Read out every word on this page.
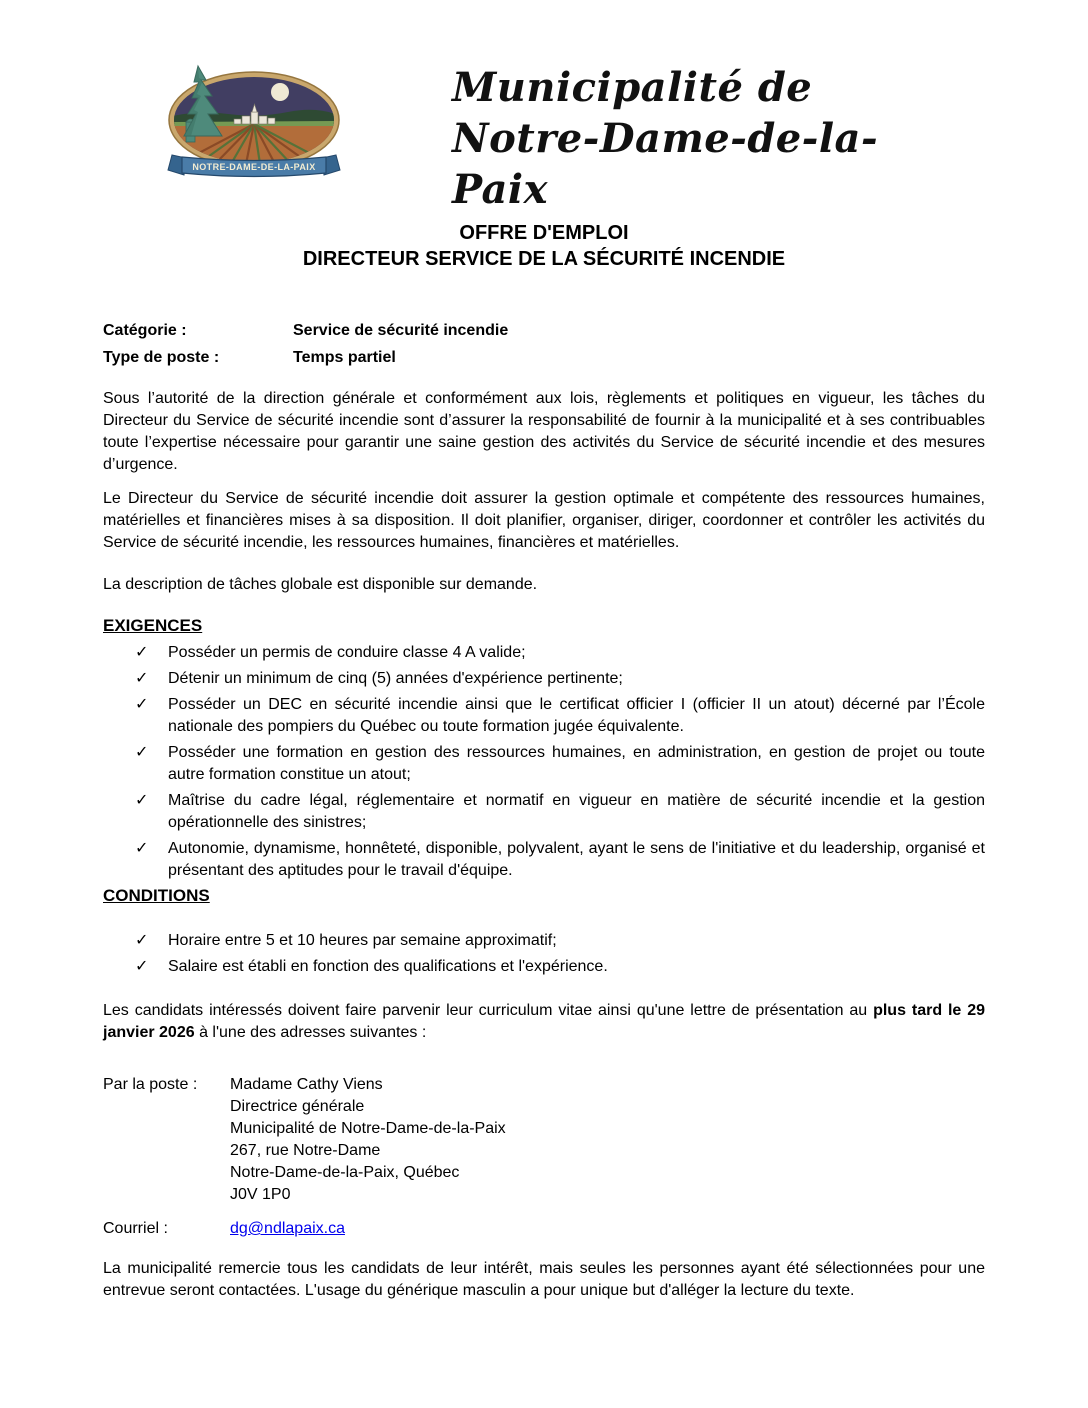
NOTRE-DAME-DE-LA-PAIX
Municipalité de
Notre-Dame-de-la-Paix
OFFRE D'EMPLOI
DIRECTEUR SERVICE DE LA SÉCURITÉ INCENDIE
Catégorie :	Service de sécurité incendie
Type de poste :	Temps partiel
Sous l’autorité de la direction générale et conformément aux lois, règlements et politiques en vigueur, les tâches du Directeur du Service de sécurité incendie sont d’assurer la responsabilité de fournir à la municipalité et à ses contribuables toute l’expertise nécessaire pour garantir une saine gestion des activités du Service de sécurité incendie et des mesures d’urgence.
Le Directeur du Service de sécurité incendie doit assurer la gestion optimale et compétente des ressources humaines, matérielles et financières mises à sa disposition. Il doit planifier, organiser, diriger, coordonner et contrôler les activités du Service de sécurité incendie, les ressources humaines, financières et matérielles.
La description de tâches globale est disponible sur demande.
EXIGENCES
✓	Posséder un permis de conduire classe 4 A valide;
✓	Détenir un minimum de cinq (5) années d'expérience pertinente;
✓	Posséder un DEC en sécurité incendie ainsi que le certificat officier I (officier II un atout) décerné par l’École nationale des pompiers du Québec ou toute formation jugée équivalente.
✓	Posséder une formation en gestion des ressources humaines, en administration, en gestion de projet ou toute autre formation constitue un atout;
✓	Maîtrise du cadre légal, réglementaire et normatif en vigueur en matière de sécurité incendie et la gestion opérationnelle des sinistres;
✓	Autonomie, dynamisme, honnêteté, disponible, polyvalent, ayant le sens de l'initiative et du leadership, organisé et présentant des aptitudes pour le travail d'équipe.
CONDITIONS
✓	Horaire entre 5 et 10 heures par semaine approximatif;
✓	Salaire est établi en fonction des qualifications et l'expérience.
Les candidats intéressés doivent faire parvenir leur curriculum vitae ainsi qu'une lettre de présentation au plus tard le 29 janvier 2026 à l'une des adresses suivantes :
Par la poste :	Madame Cathy Viens
Directrice générale
Municipalité de Notre-Dame-de-la-Paix
267, rue Notre-Dame
Notre-Dame-de-la-Paix, Québec
J0V 1P0
Courriel :	dg@ndlapaix.ca
La municipalité remercie tous les candidats de leur intérêt, mais seules les personnes ayant été sélectionnées pour une entrevue seront contactées. L'usage du générique masculin a pour unique but d'alléger la lecture du texte.
